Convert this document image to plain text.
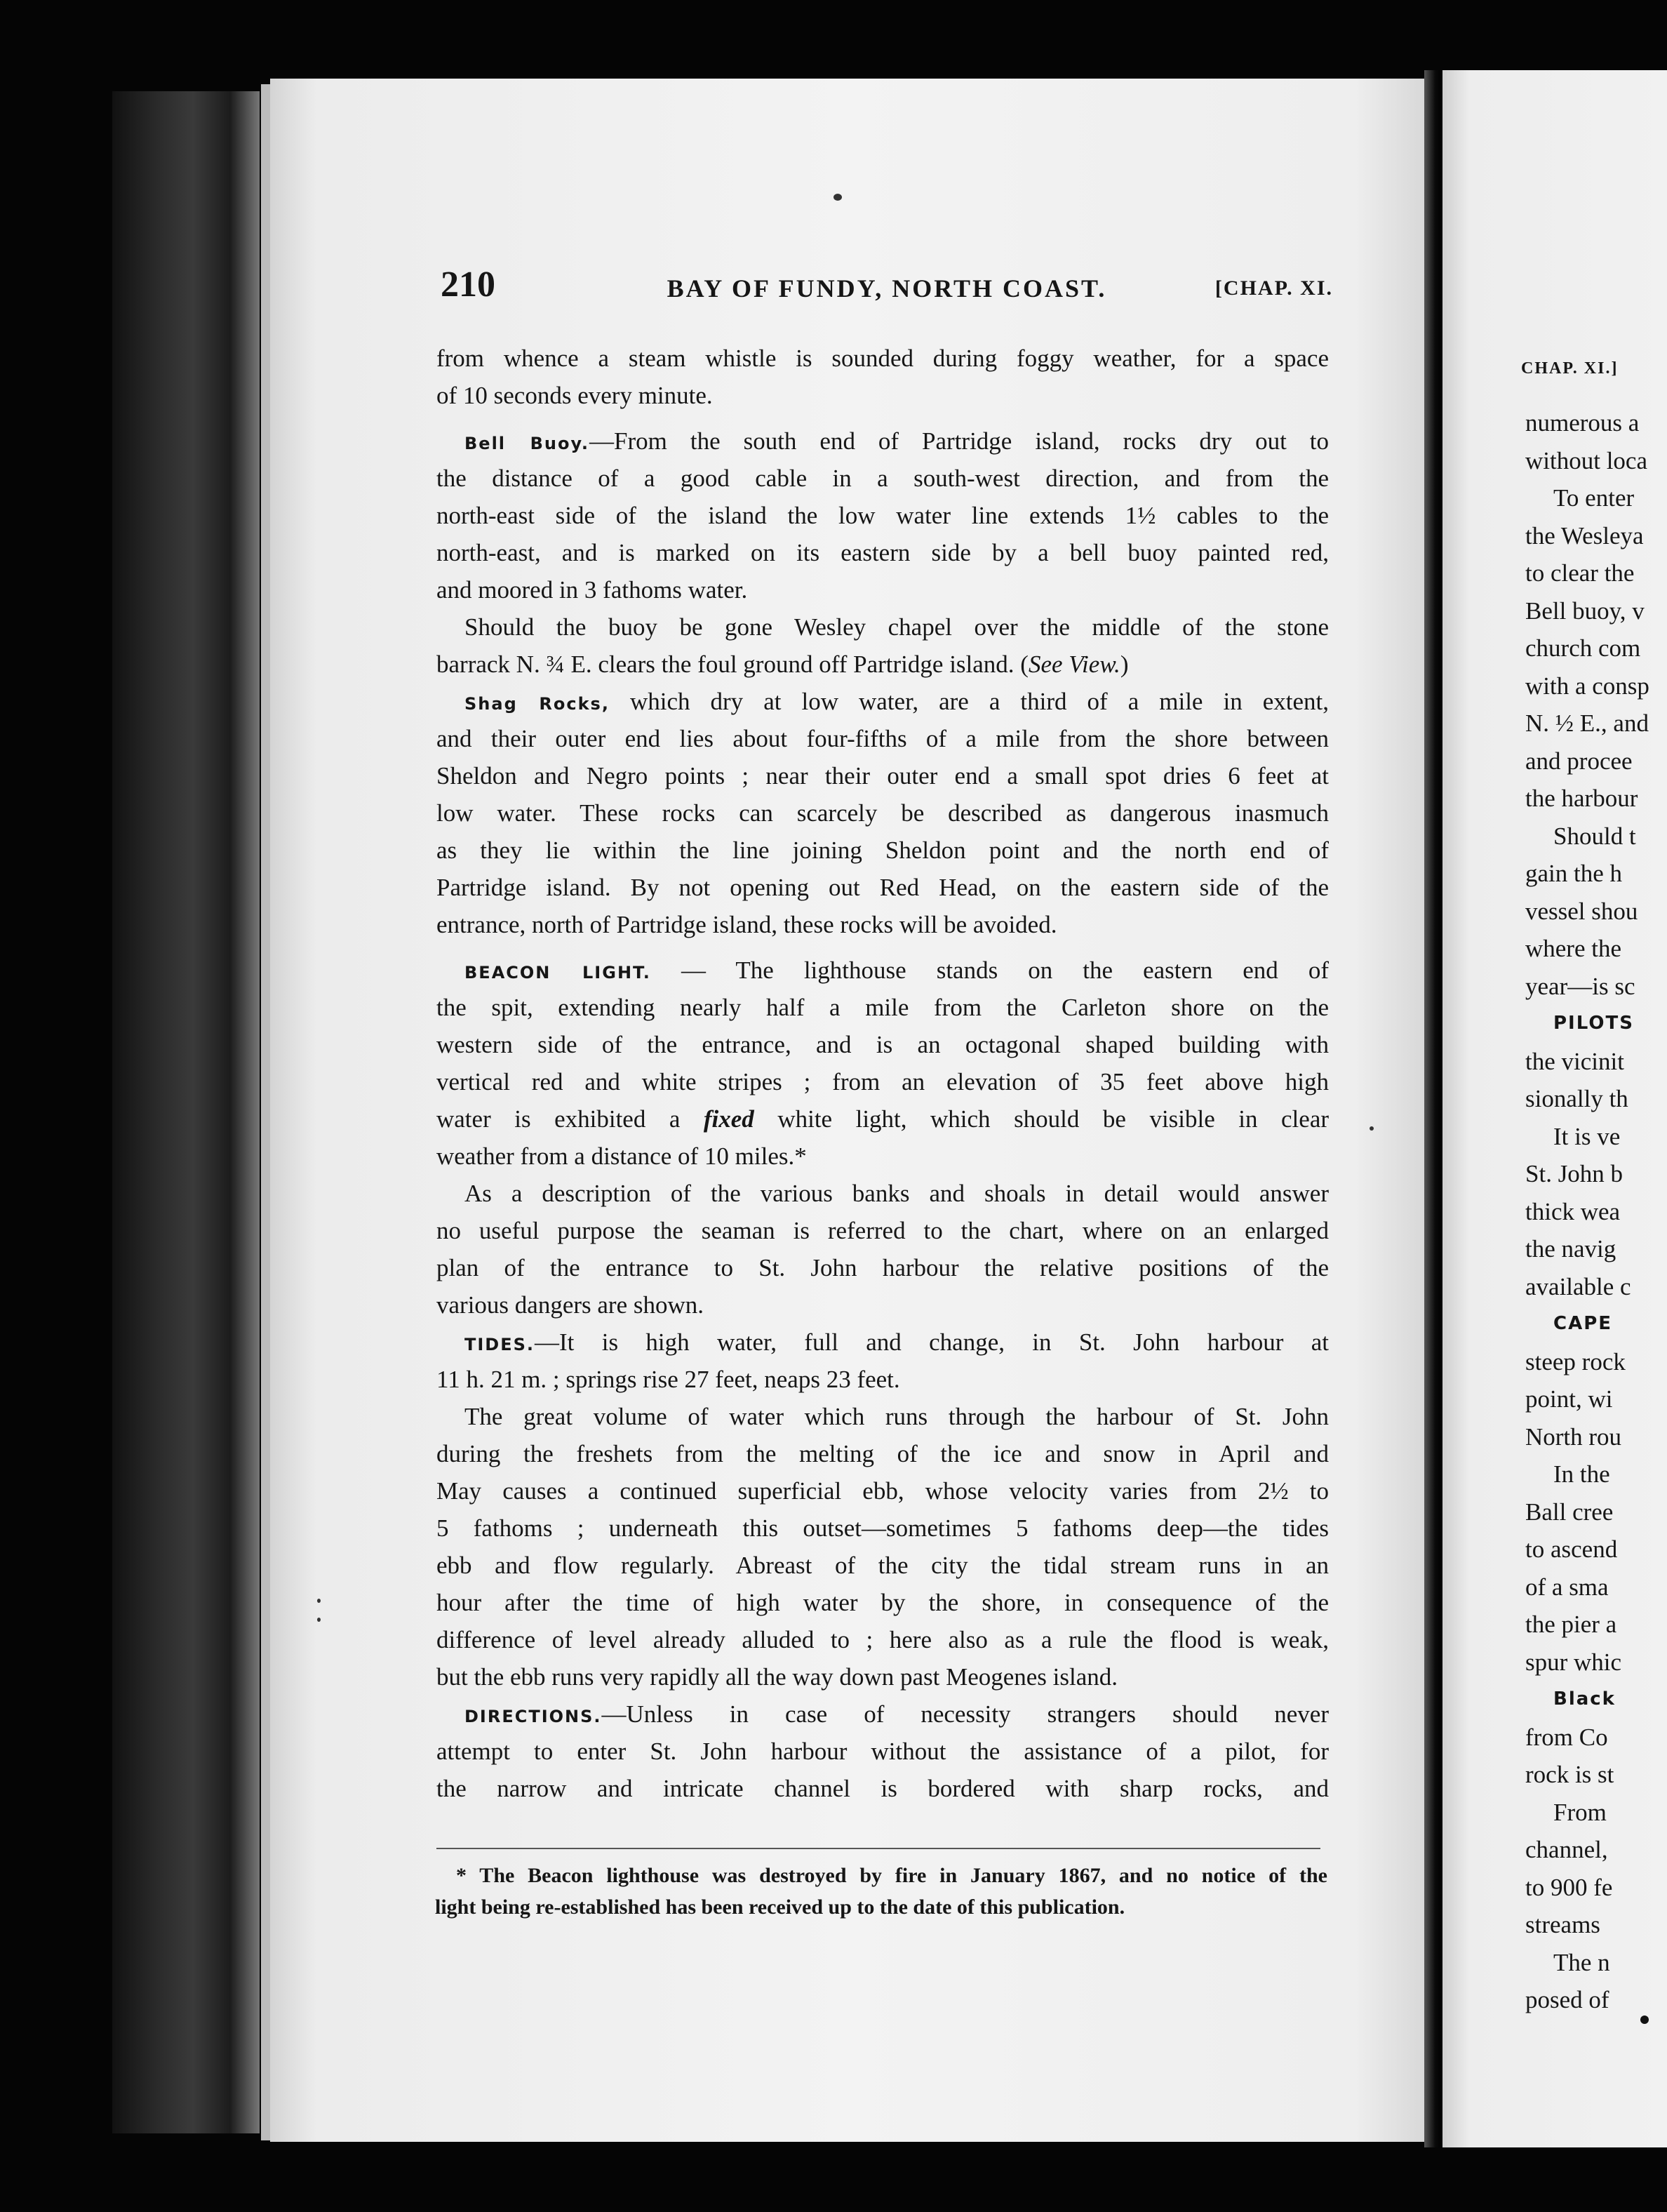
CHAP. XI.]
numerous a
without loca
To enter
the Wesleya
to clear the
Bell buoy, v
church com
with a consp
N. ½ E., and
and procee
the harbour
Should t
gain the h
vessel shou
where the
year—is sc
PILOTS
the vicinit
sionally th
It is ve
St. John b
thick wea
the navig
available c
CAPE
steep rock
point, wi
North rou
In the
Ball cree
to ascend
of a sma
the pier a
spur whic
Black
from Co
rock is st
From
channel,
to 900 fe
streams
The n
posed of
210	BAY OF FUNDY, NORTH COAST.	[CHAP. XI.
from whence a steam whistle is sounded during foggy weather, for a space
of 10 seconds every minute.
Bell Buoy.—From the south end of Partridge island, rocks dry out to
the distance of a good cable in a south-west direction, and from the
north-east side of the island the low water line extends 1½ cables to the
north-east, and is marked on its eastern side by a bell buoy painted red,
and moored in 3 fathoms water.
Should the buoy be gone Wesley chapel over the middle of the stone
barrack N. ¾ E. clears the foul ground off Partridge island. (See View.)
Shag Rocks, which dry at low water, are a third of a mile in extent,
and their outer end lies about four-fifths of a mile from the shore between
Sheldon and Negro points ; near their outer end a small spot dries 6 feet at
low water. These rocks can scarcely be described as dangerous inasmuch
as they lie within the line joining Sheldon point and the north end of
Partridge island. By not opening out Red Head, on the eastern side of the
entrance, north of Partridge island, these rocks will be avoided.
BEACON LIGHT. — The lighthouse stands on the eastern end of
the spit, extending nearly half a mile from the Carleton shore on the
western side of the entrance, and is an octagonal shaped building with
vertical red and white stripes ; from an elevation of 35 feet above high
water is exhibited a fixed white light, which should be visible in clear
weather from a distance of 10 miles.*
As a description of the various banks and shoals in detail would answer
no useful purpose the seaman is referred to the chart, where on an enlarged
plan of the entrance to St. John harbour the relative positions of the
various dangers are shown.
TIDES.—It is high water, full and change, in St. John harbour at
11 h. 21 m. ; springs rise 27 feet, neaps 23 feet.
The great volume of water which runs through the harbour of St. John
during the freshets from the melting of the ice and snow in April and
May causes a continued superficial ebb, whose velocity varies from 2½ to
5 fathoms ; underneath this outset—sometimes 5 fathoms deep—the tides
ebb and flow regularly. Abreast of the city the tidal stream runs in an
hour after the time of high water by the shore, in consequence of the
difference of level already alluded to ; here also as a rule the flood is weak,
but the ebb runs very rapidly all the way down past Meogenes island.
DIRECTIONS.—Unless in case of necessity strangers should never
attempt to enter St. John harbour without the assistance of a pilot, for
the narrow and intricate channel is bordered with sharp rocks, and
* The Beacon lighthouse was destroyed by fire in January 1867, and no notice of the
light being re-established has been received up to the date of this publication.
